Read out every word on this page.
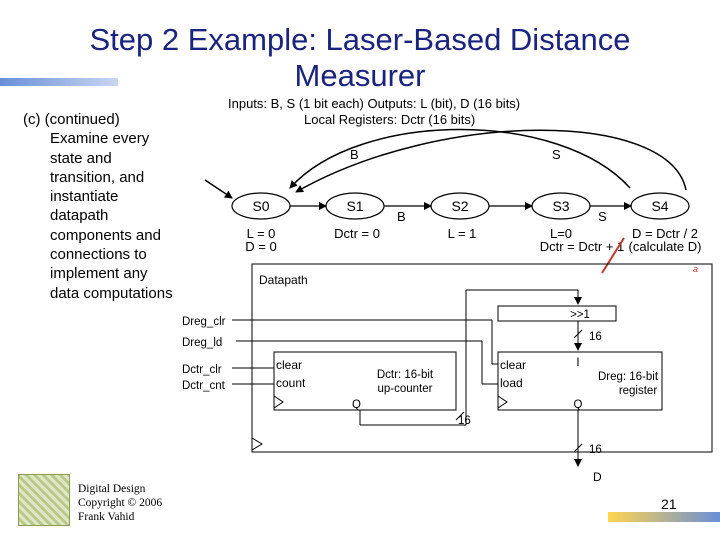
Step 2 Example: Laser-Based Distance
Measurer
(c) (continued)
Examine every
state and
transition, and
instantiate
datapath
components and
connections to
implement any
data computations
Inputs: B, S (1 bit each) Outputs: L (bit), D (16 bits)
Local Registers: Dctr (16 bits)
B	S
S0	S1	S2	S3	S4
B	S
L = 0
D = 0
Dctr = 0	L = 1	L=0
Dctr = Dctr + 1
D = Dctr / 2
(calculate D)
a
Datapath
Dreg_clr
Dreg_ld
Dctr_clr
Dctr_cnt
clear
count
Dctr: 16-bit
up-counter
Q
16
>>1
16
clear
load
I
Dreg: 16-bit
register
Q
16
D
Digital Design
Copyright © 2006
Frank Vahid
21
